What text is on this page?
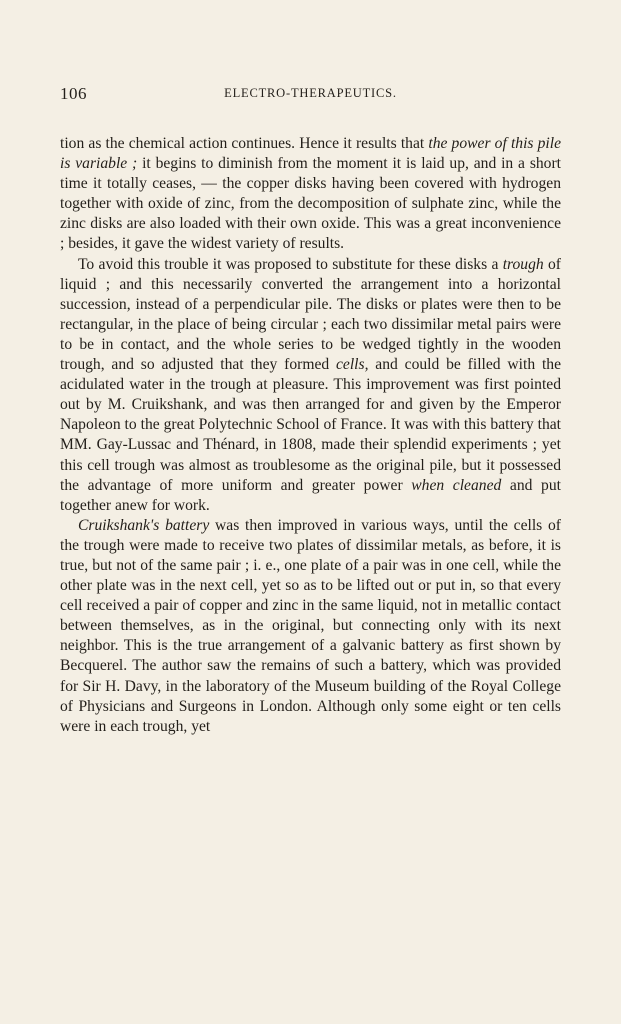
106	ELECTRO-THERAPEUTICS.

tion as the chemical action continues. Hence it results that the power of this pile is variable ; it begins to diminish from the moment it is laid up, and in a short time it totally ceases, — the copper disks having been covered with hydrogen together with oxide of zinc, from the decomposition of sulphate zinc, while the zinc disks are also loaded with their own oxide. This was a great inconvenience ; besides, it gave the widest variety of results.

To avoid this trouble it was proposed to substitute for these disks a trough of liquid ; and this necessarily converted the arrangement into a horizontal succession, instead of a perpendicular pile. The disks or plates were then to be rectangular, in the place of being circular ; each two dissimilar metal pairs were to be in contact, and the whole series to be wedged tightly in the wooden trough, and so adjusted that they formed cells, and could be filled with the acidulated water in the trough at pleasure. This improvement was first pointed out by M. Cruikshank, and was then arranged for and given by the Emperor Napoleon to the great Polytechnic School of France. It was with this battery that MM. Gay-Lussac and Thénard, in 1808, made their splendid experiments ; yet this cell trough was almost as troublesome as the original pile, but it possessed the advantage of more uniform and greater power when cleaned and put together anew for work.

Cruikshank's battery was then improved in various ways, until the cells of the trough were made to receive two plates of dissimilar metals, as before, it is true, but not of the same pair ; i. e., one plate of a pair was in one cell, while the other plate was in the next cell, yet so as to be lifted out or put in, so that every cell received a pair of copper and zinc in the same liquid, not in metallic contact between themselves, as in the original, but connecting only with its next neighbor. This is the true arrangement of a galvanic battery as first shown by Becquerel. The author saw the remains of such a battery, which was provided for Sir H. Davy, in the laboratory of the Museum building of the Royal College of Physicians and Surgeons in London. Although only some eight or ten cells were in each trough, yet
